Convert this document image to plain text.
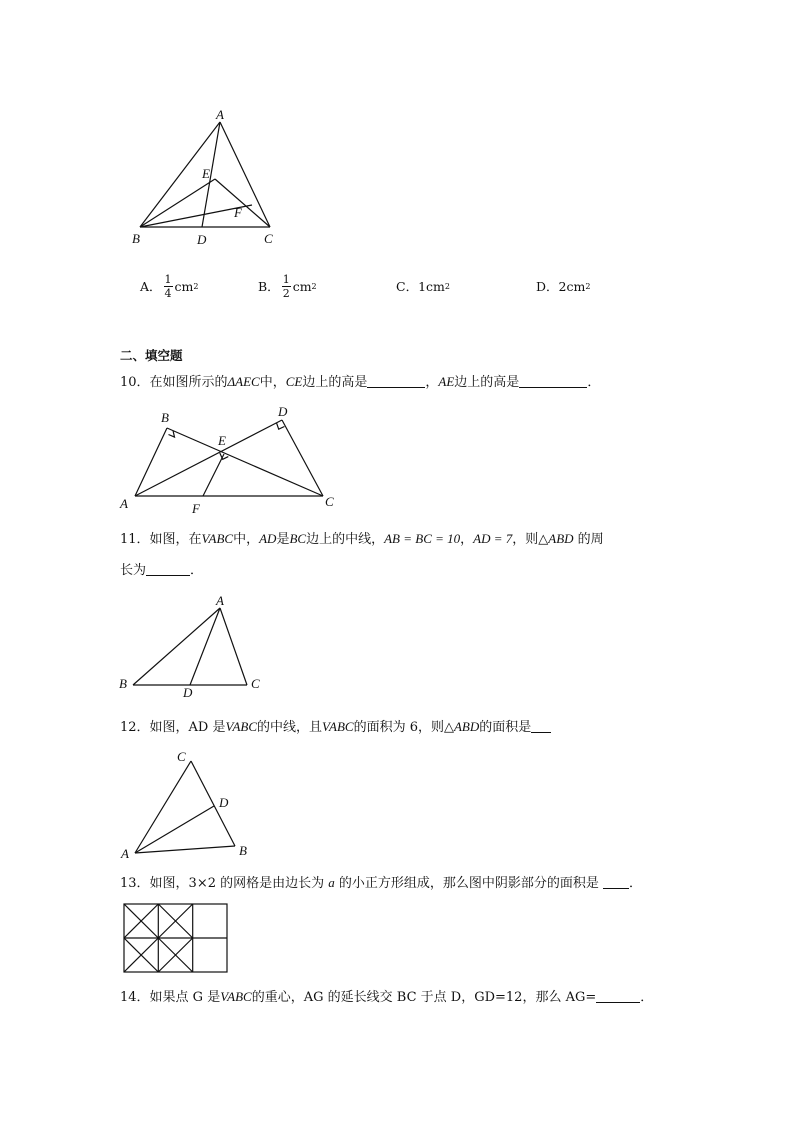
A
E
F
B	D	C
A． $\frac{1}{4}$ cm 2	B． $\frac{1}{2}$ cm 2	C． 1cm 2	D． 2cm 2
二、填空题
10．在如图所示的ΔAEC中，CE边上的高是	，AE边上的高是	．
B	D
E
A	F	C
11．如图，在VABC中，AD是BC边上的中线，AB = BC = 10，AD = 7，则△ABD 的周
长为	．
A
B
D
C
12．如图，AD 是VABC的中线，且VABC的面积为 6，则△ABD的面积是
C
D
A	B
13．如图，3×2 的网格是由边长为 a 的小正方形组成，那么图中阴影部分的面积是 ．
14．如果点 G 是VABC的重心，AG 的延长线交 BC 于点 D，GD=12，那么 AG=	．
